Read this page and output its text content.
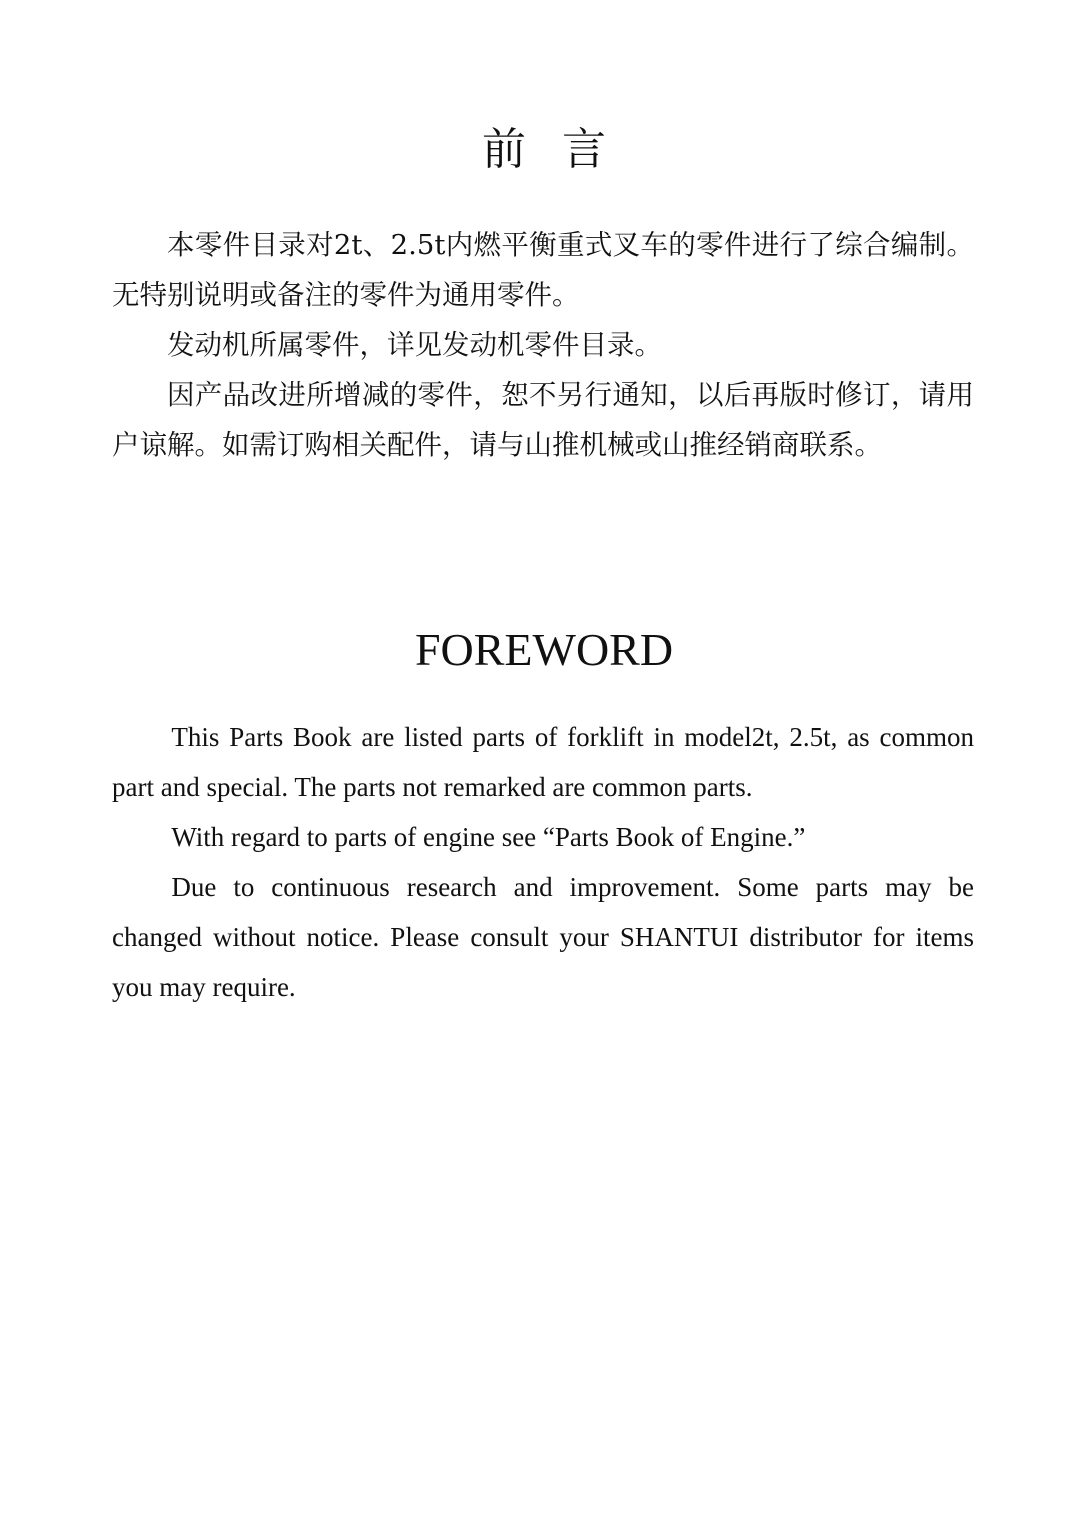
前言

本零件目录对2t、2.5t内燃平衡重式叉车的零件进行了综合编制。无特别说明或备注的零件为通用零件。

发动机所属零件，详见发动机零件目录。

因产品改进所增减的零件，恕不另行通知，以后再版时修订，请用户谅解。如需订购相关配件，请与山推机械或山推经销商联系。

FOREWORD

This Parts Book are listed parts of forklift in model2t, 2.5t, as common part and special. The parts not remarked are common parts.

With regard to parts of engine see “Parts Book of Engine.”

Due to continuous research and improvement. Some parts may be changed without notice. Please consult your SHANTUI distributor for items you may require.
